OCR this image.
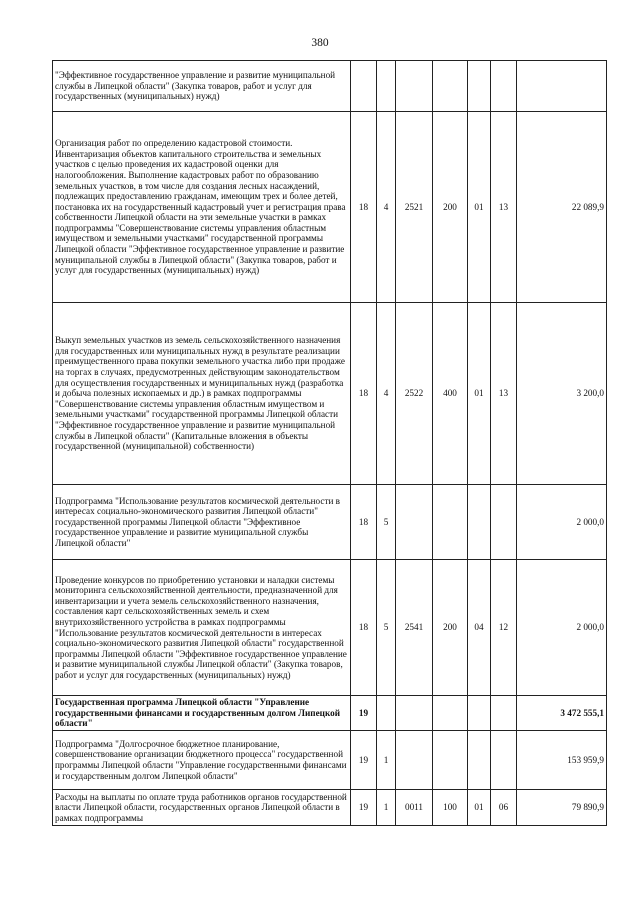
380
"Эффективное государственное управление и развитие муниципальной службы в Липецкой области" (Закупка товаров, работ и услуг для государственных (муниципальных) нужд)							
Организация работ по определению кадастровой стоимости. Инвентаризация объектов капитального строительства и земельных участков с целью проведения их кадастровой оценки для налогообложения. Выполнение кадастровых работ по образованию земельных участков, в том числе для создания лесных насаждений, подлежащих предоставлению гражданам, имеющим трех и более детей, постановка их на государственный кадастровый учет и регистрация права собственности Липецкой области на эти земельные участки в рамках подпрограммы "Совершенствование системы управления областным имуществом и земельными участками" государственной программы Липецкой области "Эффективное государственное управление и развитие муниципальной службы в Липецкой области" (Закупка товаров, работ и услуг для государственных (муниципальных) нужд)	18	4	2521	200	01	13	22 089,9
Выкуп земельных участков из земель сельскохозяйственного назначения для государственных или муниципальных нужд в результате реализации преимущественного права покупки земельного участка либо при продаже на торгах в случаях, предусмотренных действующим законодательством для осуществления государственных и муниципальных нужд (разработка и добыча полезных ископаемых и др.) в рамках подпрограммы "Совершенствование системы управления областным имуществом и земельными участками" государственной программы Липецкой области "Эффективное государственное управление и развитие муниципальной службы в Липецкой области" (Капитальные вложения в объекты государственной (муниципальной) собственности)	18	4	2522	400	01	13	3 200,0
Подпрограмма "Использование результатов космической деятельности в интересах социально-экономического развития Липецкой области" государственной программы Липецкой области "Эффективное государственное управление и развитие муниципальной службы Липецкой области"	18	5					2 000,0
Проведение конкурсов по приобретению установки и наладки системы мониторинга сельскохозяйственной деятельности, предназначенной для инвентаризации и учета земель сельскохозяйственного назначения, составления карт сельскохозяйственных земель и схем внутрихозяйственного устройства в рамках подпрограммы "Использование результатов космической деятельности в интересах социально-экономического развития Липецкой области" государственной программы Липецкой области "Эффективное государственное управление и развитие муниципальной службы Липецкой области" (Закупка товаров, работ и услуг для государственных (муниципальных) нужд)	18	5	2541	200	04	12	2 000,0
Государственная программа Липецкой области "Управление государственными финансами и государственным долгом Липецкой области"	19						3 472 555,1
Подпрограмма "Долгосрочное бюджетное планирование, совершенствование организации бюджетного процесса" государственной программы Липецкой области "Управление государственными финансами и государственным долгом Липецкой области"	19	1					153 959,9
Расходы на выплаты по оплате труда работников органов государственной власти Липецкой области, государственных органов Липецкой области в рамках подпрограммы	19	1	0011	100	01	06	79 890,9
